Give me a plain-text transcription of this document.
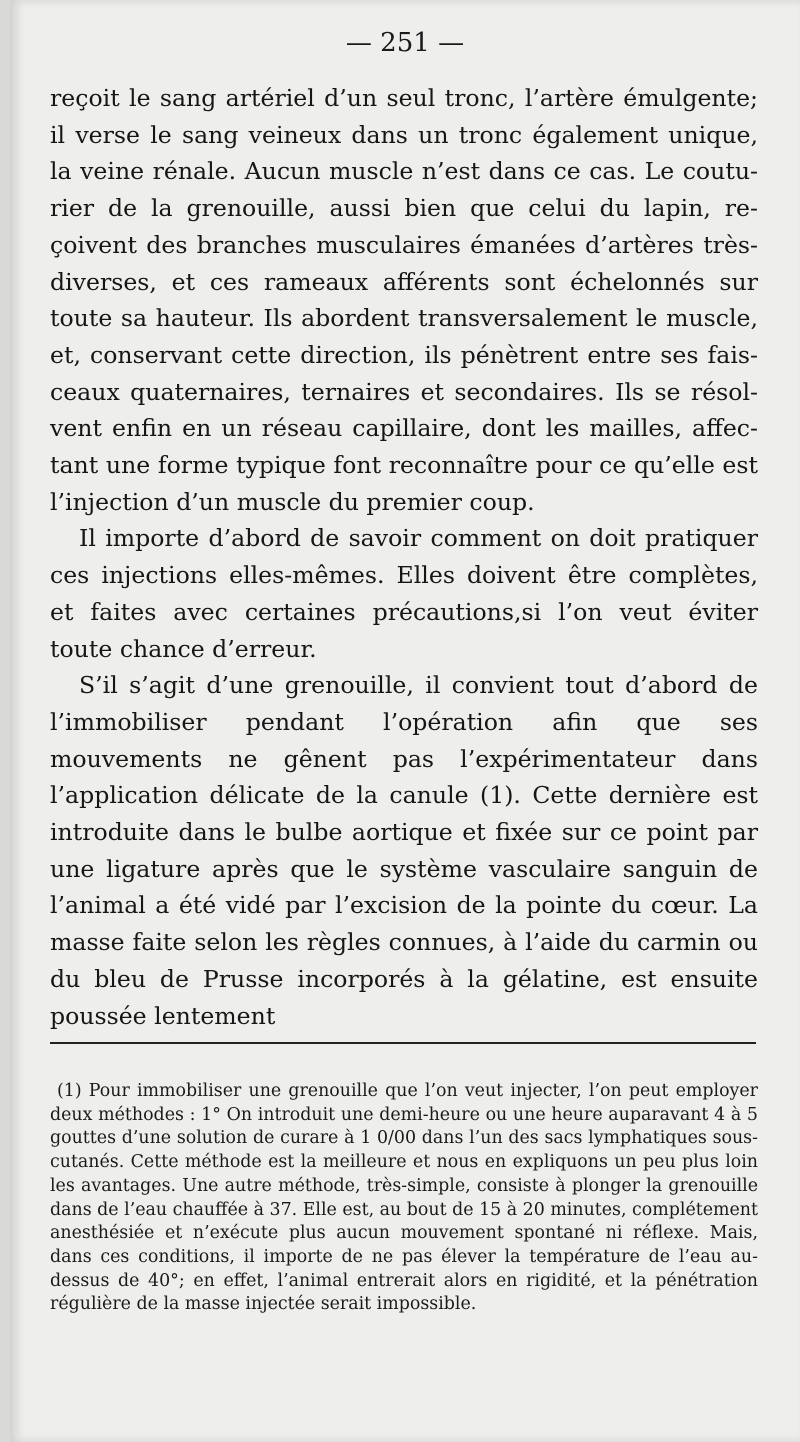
— 251 —

reçoit le sang artériel d’un seul tronc, l’artère émulgente; il verse le sang veineux dans un tronc également unique, la veine rénale. Aucun muscle n’est dans ce cas. Le couturier de la grenouille, aussi bien que celui du lapin, reçoivent des branches musculaires émanées d’artères très-diverses, et ces rameaux afférents sont échelonnés sur toute sa hauteur. Ils abordent transversalement le muscle, et, conservant cette direction, ils pénètrent entre ses faisceaux quaternaires, ternaires et secondaires. Ils se résolvent enfin en un réseau capillaire, dont les mailles, affectant une forme typique font reconnaître pour ce qu’elle est l’injection d’un muscle du premier coup.

Il importe d’abord de savoir comment on doit pratiquer ces injections elles-mêmes. Elles doivent être complètes, et faites avec certaines précautions,si l’on veut éviter toute chance d’erreur.

S’il s’agit d’une grenouille, il convient tout d’abord de l’immobiliser pendant l’opération afin que ses mouvements ne gênent pas l’expérimentateur dans l’application délicate de la canule (1). Cette dernière est introduite dans le bulbe aortique et fixée sur ce point par une ligature après que le système vasculaire sanguin de l’animal a été vidé par l’excision de la pointe du cœur. La masse faite selon les règles connues, à l’aide du carmin ou du bleu de Prusse incorporés à la gélatine, est ensuite poussée lentement

(1) Pour immobiliser une grenouille que l’on veut injecter, l’on peut employer deux méthodes : 1° On introduit une demi-heure ou une heure auparavant 4 à 5 gouttes d’une solution de curare à 1 0/00 dans l’un des sacs lymphatiques sous-cutanés. Cette méthode est la meilleure et nous en expliquons un peu plus loin les avantages. Une autre méthode, très-simple, consiste à plonger la grenouille dans de l’eau chauffée à 37. Elle est, au bout de 15 à 20 minutes, complétement anesthésiée et n’exécute plus aucun mouvement spontané ni réflexe. Mais, dans ces conditions, il importe de ne pas élever la température de l’eau au-dessus de 40°; en effet, l’animal entrerait alors en rigidité, et la pénétration régulière de la masse injectée serait impossible.
